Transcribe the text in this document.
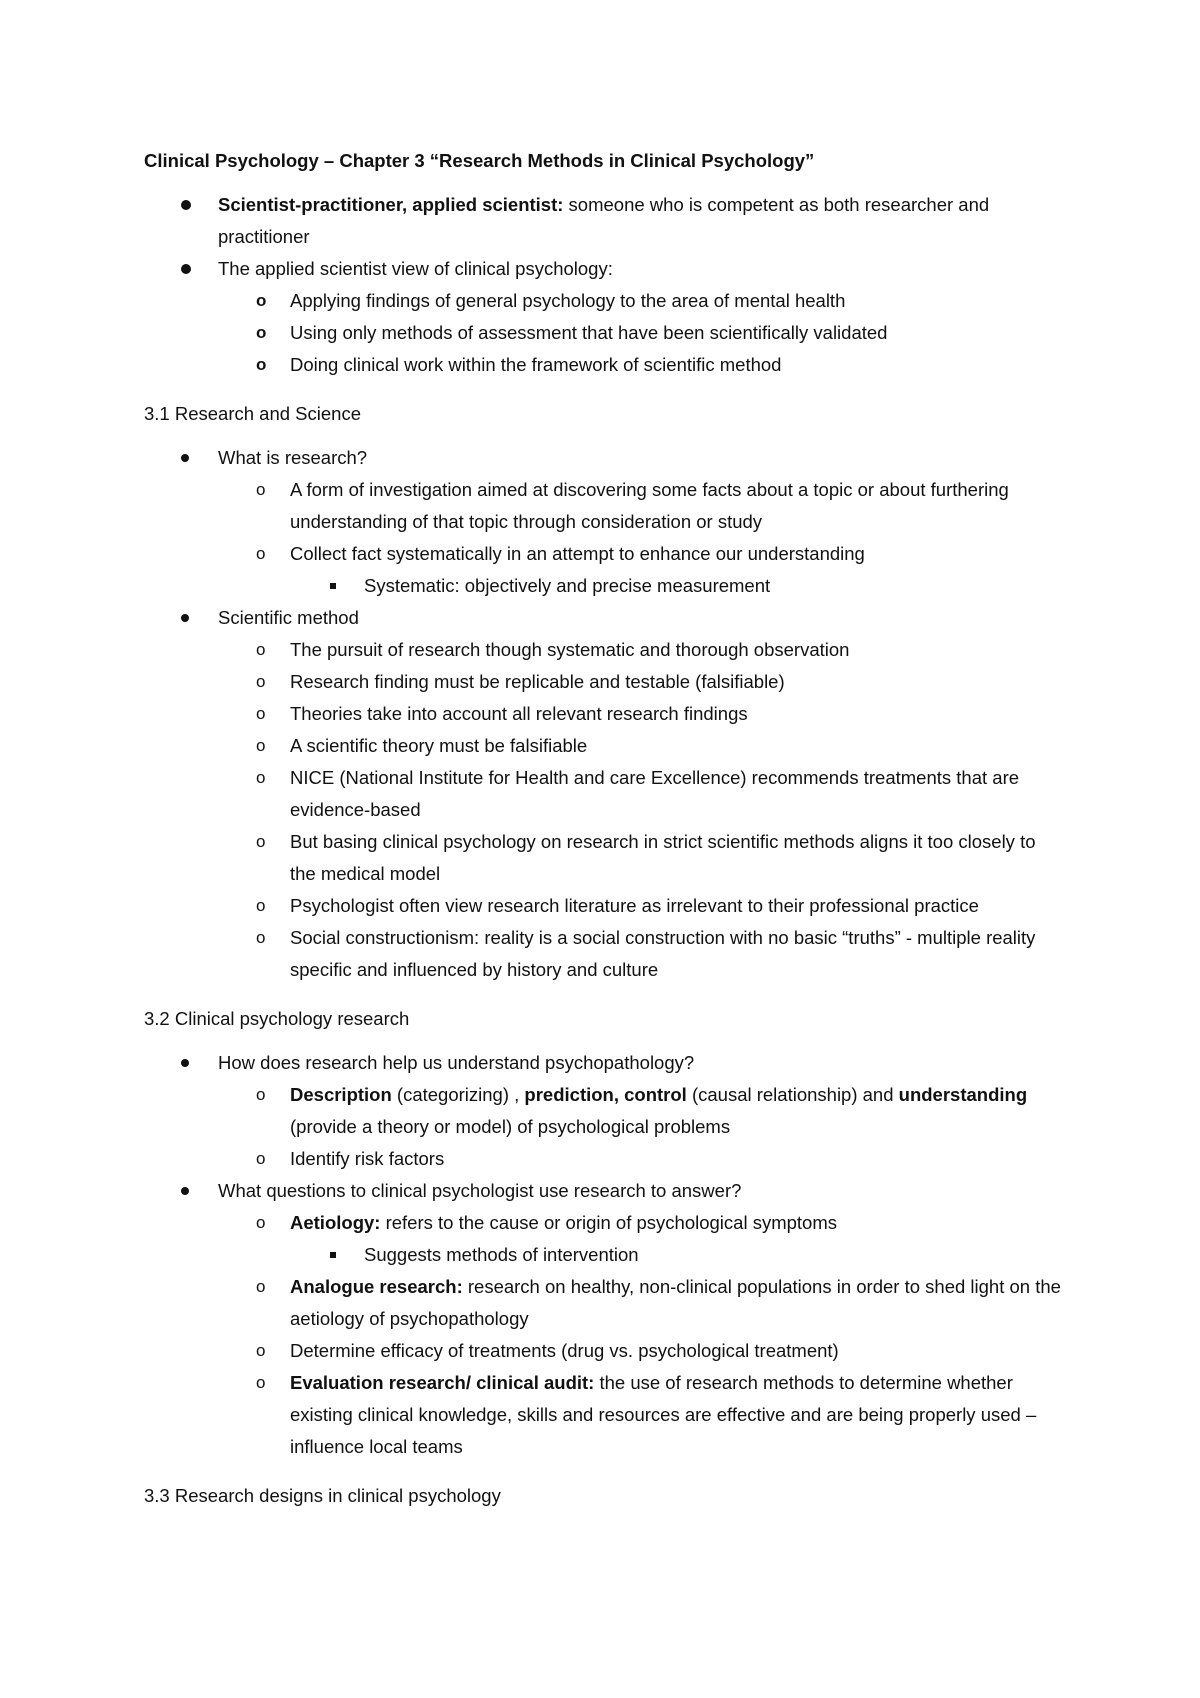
Clinical Psychology – Chapter 3 “Research Methods in Clinical Psychology”
Scientist-practitioner, applied scientist: someone who is competent as both researcher and practitioner
The applied scientist view of clinical psychology:
o Applying findings of general psychology to the area of mental health
o Using only methods of assessment that have been scientifically validated
o Doing clinical work within the framework of scientific method
3.1 Research and Science
What is research?
o A form of investigation aimed at discovering some facts about a topic or about furthering understanding of that topic through consideration or study
o Collect fact systematically in an attempt to enhance our understanding
Systematic: objectively and precise measurement
Scientific method
o The pursuit of research though systematic and thorough observation
o Research finding must be replicable and testable (falsifiable)
o Theories take into account all relevant research findings
o A scientific theory must be falsifiable
o NICE (National Institute for Health and care Excellence) recommends treatments that are evidence-based
o But basing clinical psychology on research in strict scientific methods aligns it too closely to the medical model
o Psychologist often view research literature as irrelevant to their professional practice
o Social constructionism: reality is a social construction with no basic “truths” - multiple reality specific and influenced by history and culture
3.2 Clinical psychology research
How does research help us understand psychopathology?
o Description (categorizing) , prediction, control (causal relationship) and understanding (provide a theory or model) of psychological problems
o Identify risk factors
What questions to clinical psychologist use research to answer?
o Aetiology: refers to the cause or origin of psychological symptoms
Suggests methods of intervention
o Analogue research: research on healthy, non-clinical populations in order to shed light on the aetiology of psychopathology
o Determine efficacy of treatments (drug vs. psychological treatment)
o Evaluation research/ clinical audit: the use of research methods to determine whether existing clinical knowledge, skills and resources are effective and are being properly used – influence local teams
3.3 Research designs in clinical psychology
